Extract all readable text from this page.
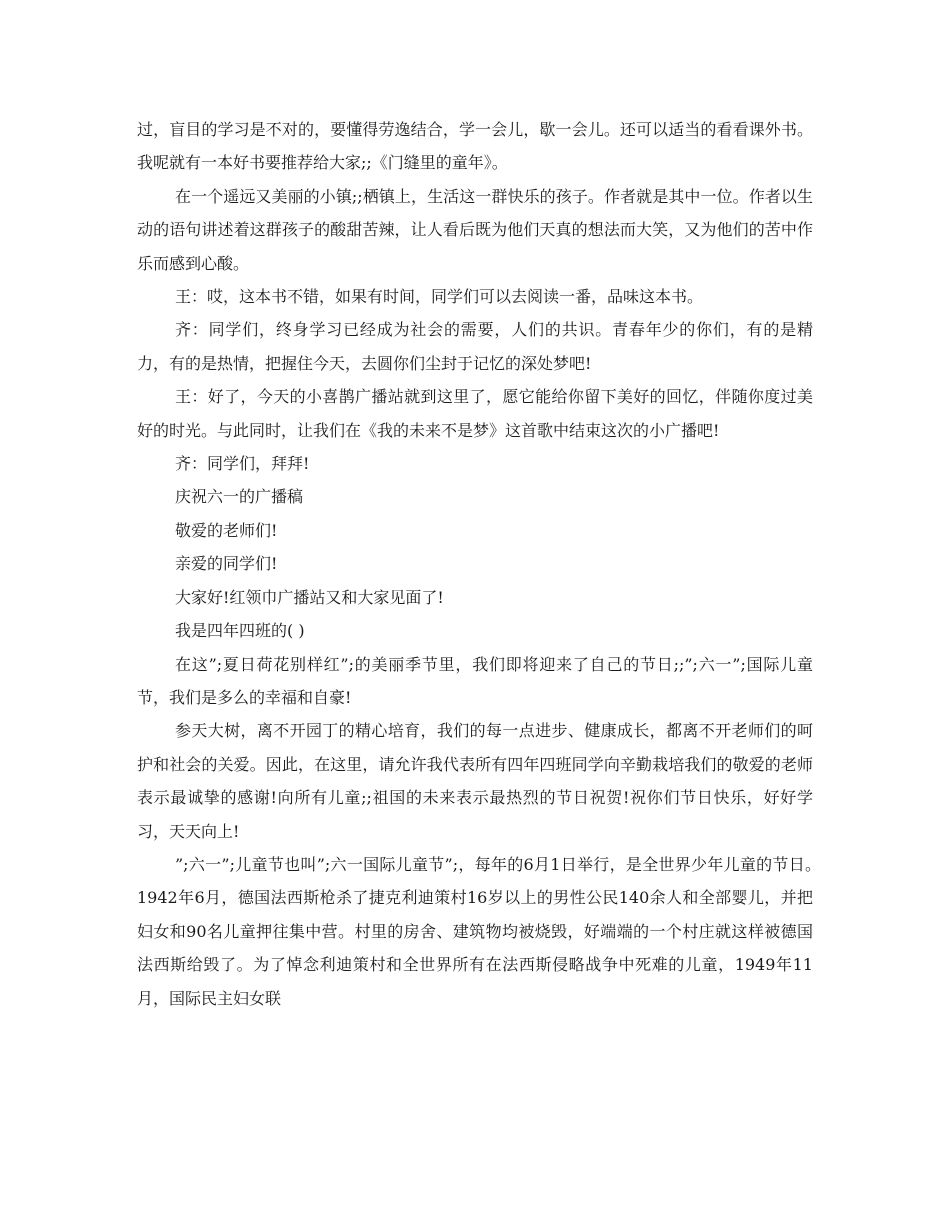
过，盲目的学习是不对的，要懂得劳逸结合，学一会儿，歇一会儿。还可以适当的看看课外书。我呢就有一本好书要推荐给大家;;《门缝里的童年》。

在一个遥远又美丽的小镇;;栖镇上，生活这一群快乐的孩子。作者就是其中一位。作者以生动的语句讲述着这群孩子的酸甜苦辣，让人看后既为他们天真的想法而大笑，又为他们的苦中作乐而感到心酸。

王：哎，这本书不错，如果有时间，同学们可以去阅读一番，品味这本书。

齐：同学们，终身学习已经成为社会的需要，人们的共识。青春年少的你们，有的是精力，有的是热情，把握住今天，去圆你们尘封于记忆的深处梦吧!

王：好了，今天的小喜鹊广播站就到这里了，愿它能给你留下美好的回忆，伴随你度过美好的时光。与此同时，让我们在《我的未来不是梦》这首歌中结束这次的小广播吧!

齐：同学们，拜拜!

庆祝六一的广播稿

敬爱的老师们!

亲爱的同学们!

大家好!红领巾广播站又和大家见面了!

我是四年四班的( )

在这”;夏日荷花别样红”;的美丽季节里，我们即将迎来了自己的节日;;”;六一”;国际儿童节，我们是多么的幸福和自豪!

参天大树，离不开园丁的精心培育，我们的每一点进步、健康成长，都离不开老师们的呵护和社会的关爱。因此，在这里，请允许我代表所有四年四班同学向辛勤栽培我们的敬爱的老师表示最诚挚的感谢!向所有儿童;;祖国的未来表示最热烈的节日祝贺!祝你们节日快乐，好好学习，天天向上!

”;六一”;儿童节也叫”;六一国际儿童节”;，每年的6月1日举行，是全世界少年儿童的节日。　1942年6月，德国法西斯枪杀了捷克利迪策村16岁以上的男性公民140余人和全部婴儿，并把妇女和90名儿童押往集中营。村里的房舍、建筑物均被烧毁，好端端的一个村庄就这样被德国法西斯给毁了。为了悼念利迪策村和全世界所有在法西斯侵略战争中死难的儿童，1949年11月，国际民主妇女联
